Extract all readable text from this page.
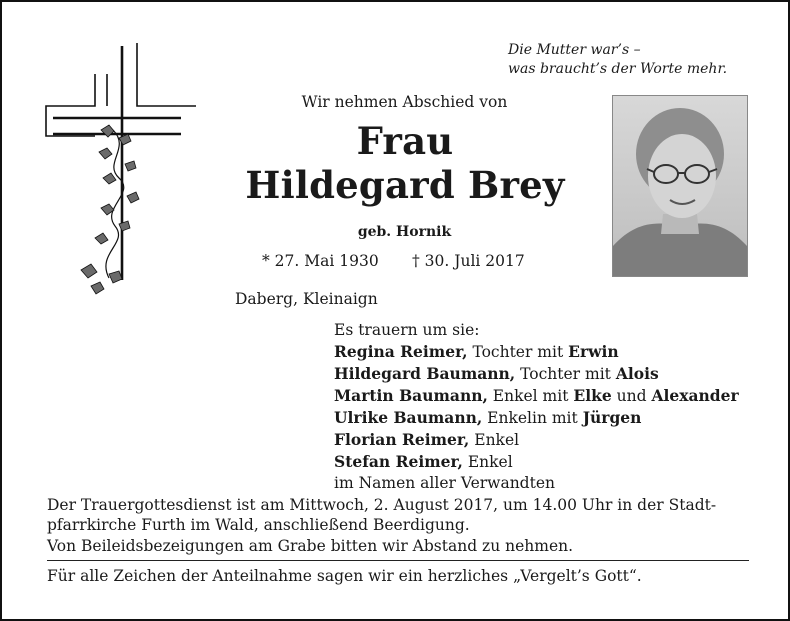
Die Mutter war’s –
was braucht’s der Worte mehr.

Wir nehmen Abschied von

Frau
Hildegard Brey

geb. Hornik

* 27. Mai 1930 † 30. Juli 2017

Daberg, Kleinaign

Es trauern um sie:
Regina Reimer, Tochter mit Erwin
Hildegard Baumann, Tochter mit Alois
Martin Baumann, Enkel mit Elke und Alexander
Ulrike Baumann, Enkelin mit Jürgen
Florian Reimer, Enkel
Stefan Reimer, Enkel
im Namen aller Verwandten
Der Trauergottesdienst ist am Mittwoch, 2. August 2017, um 14.00 Uhr in der Stadt-
pfarrkirche Furth im Wald, anschließend Beerdigung.
Von Beileidsbezeigungen am Grabe bitten wir Abstand zu nehmen.

Für alle Zeichen der Anteilnahme sagen wir ein herzliches „Vergelt’s Gott“.
